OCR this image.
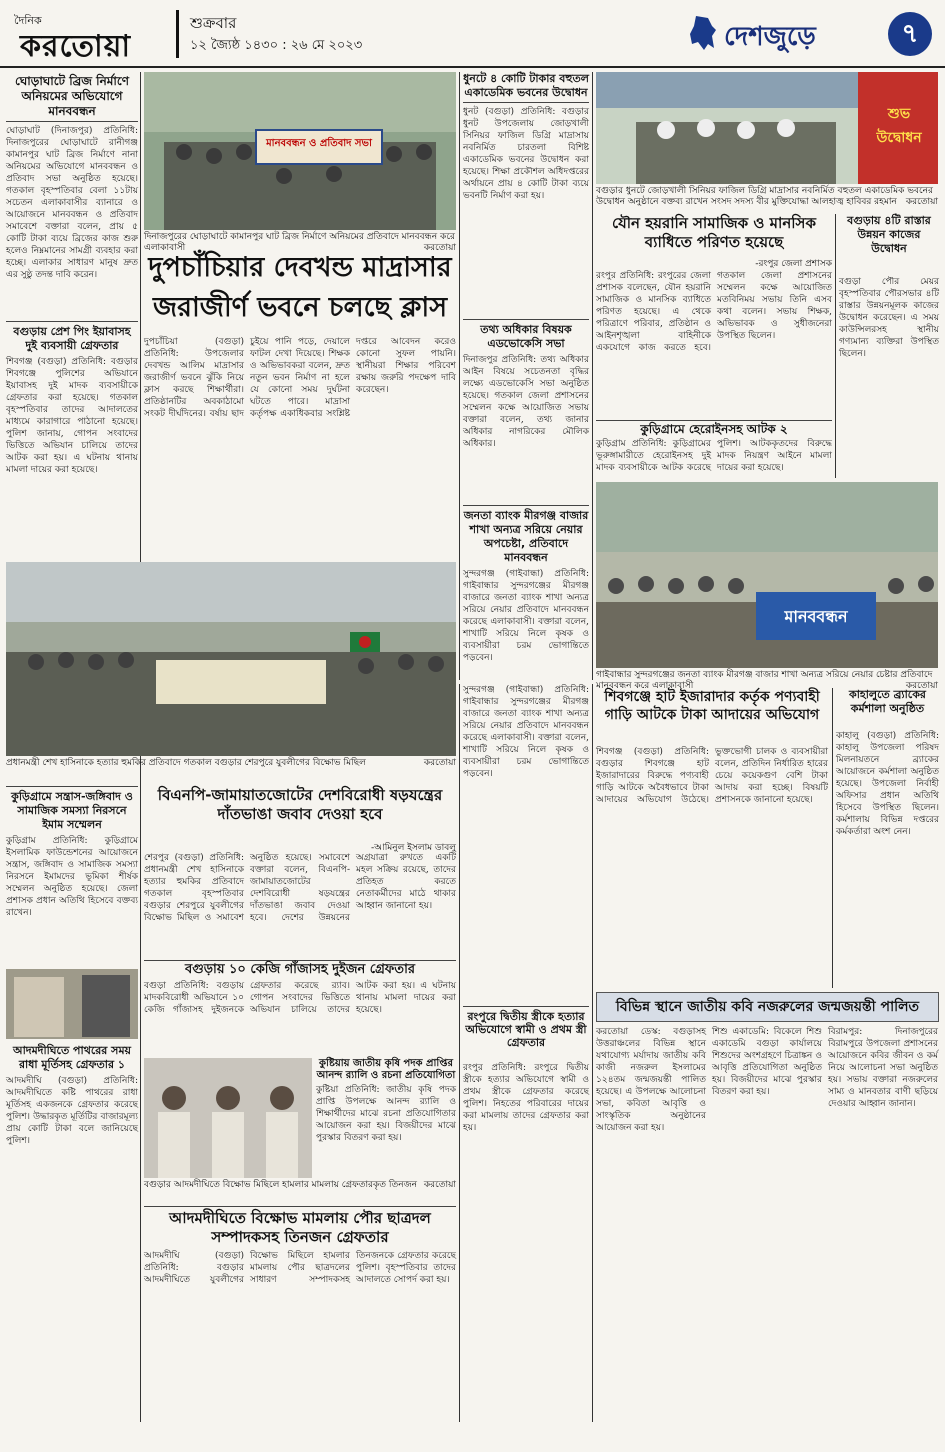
দৈনিক
করতোয়া
শুক্রবার
১২ জ্যৈষ্ঠ ১৪৩০ : ২৬ মে ২০২৩	দেশজুড়ে	৭
ঘোড়াঘাটে ব্রিজ নির্মাণে অনিয়মের অভিযোগে মানববন্ধন
ঘোড়াঘাট (দিনাজপুর) প্রতিনিধি: দিনাজপুরের ঘোড়াঘাটে রানীগঞ্জ কামানপুর ঘাট ব্রিজ নির্মাণে নানা অনিয়মের অভিযোগে মানববন্ধন ও প্রতিবাদ সভা অনুষ্ঠিত হয়েছে। গতকাল বৃহস্পতিবার বেলা ১১টায় সচেতন এলাকাবাসীর ব্যানারে ও আয়োজনে মানববন্ধন ও প্রতিবাদ সমাবেশে বক্তারা বলেন, প্রায় ৫ কোটি টাকা ব্যয়ে ব্রিজের কাজ শুরু হলেও নিম্নমানের সামগ্রী ব্যবহার করা হচ্ছে। এলাকার সাধারণ মানুষ দ্রুত এর সুষ্ঠু তদন্ত দাবি করেন।
বগুড়ায় প্রেশ পিং ইয়াবাসহ দুই ব্যবসায়ী গ্রেফতার
শিবগঞ্জ (বগুড়া) প্রতিনিধি: বগুড়ার শিবগঞ্জে পুলিশের অভিযানে ইয়াবাসহ দুই মাদক ব্যবসায়ীকে গ্রেফতার করা হয়েছে। গতকাল বৃহস্পতিবার তাদের আদালতের মাধ্যমে কারাগারে পাঠানো হয়েছে। পুলিশ জানায়, গোপন সংবাদের ভিত্তিতে অভিযান চালিয়ে তাদের আটক করা হয়। এ ঘটনায় থানায় মামলা দায়ের করা হয়েছে।
মানববন্ধন ও প্রতিবাদ সভা
দিনাজপুরের ঘোড়াঘাটে কামানপুর ঘাট ব্রিজ নির্মাণে অনিয়মের প্রতিবাদে মানববন্ধন করে এলাকাবাসী	করতোয়া
দুপচাঁচিয়ার দেবখন্ড মাদ্রাসার জরাজীর্ণ ভবনে চলছে ক্লাস
দুপচাঁচিয়া (বগুড়া) প্রতিনিধি: উপজেলার দেবখন্ড আলিম মাদ্রাসার জরাজীর্ণ ভবনে ঝুঁকি নিয়ে ক্লাস করছে শিক্ষার্থীরা। প্রতিষ্ঠানটির অবকাঠামো সংকট দীর্ঘদিনের। বর্ষায় ছাদ চুইয়ে পানি পড়ে, দেয়ালে ফাটল দেখা দিয়েছে। শিক্ষক ও অভিভাবকরা বলেন, দ্রুত নতুন ভবন নির্মাণ না হলে যে কোনো সময় দুর্ঘটনা ঘটতে পারে। মাদ্রাসা কর্তৃপক্ষ একাধিকবার সংশ্লিষ্ট দপ্তরে আবেদন করেও কোনো সুফল পায়নি। স্থানীয়রা শিক্ষার পরিবেশ রক্ষায় জরুরি পদক্ষেপ দাবি করেছেন।
ধুনটে ৪ কোটি টাকার বহুতল একাডেমিক ভবনের উদ্বোধন
ধুনট (বগুড়া) প্রতিনিধি: বগুড়ার ধুনট উপজেলায় জোড়খালী সিনিয়র ফাজিল ডিগ্রি মাদ্রাসায় নবনির্মিত চারতলা বিশিষ্ট একাডেমিক ভবনের উদ্বোধন করা হয়েছে। শিক্ষা প্রকৌশল অধিদপ্তরের অর্থায়নে প্রায় ৪ কোটি টাকা ব্যয়ে ভবনটি নির্মাণ করা হয়।
তথ্য অধিকার বিষয়ক এডভোকেসি সভা
দিনাজপুর প্রতিনিধি: তথ্য অধিকার আইন বিষয়ে সচেতনতা বৃদ্ধির লক্ষ্যে এডভোকেসি সভা অনুষ্ঠিত হয়েছে। গতকাল জেলা প্রশাসনের সম্মেলন কক্ষে আয়োজিত সভায় বক্তারা বলেন, তথ্য জানার অধিকার নাগরিকের মৌলিক অধিকার।
জনতা ব্যাংক মীরগঞ্জ বাজার শাখা অন্যত্র সরিয়ে নেয়ার অপচেষ্টা, প্রতিবাদে মানববন্ধন
সুন্দরগঞ্জ (গাইবান্ধা) প্রতিনিধি: গাইবান্ধার সুন্দরগঞ্জের মীরগঞ্জ বাজারে জনতা ব্যাংক শাখা অন্যত্র সরিয়ে নেয়ার প্রতিবাদে মানববন্ধন করেছে এলাকাবাসী। বক্তারা বলেন, শাখাটি সরিয়ে নিলে কৃষক ও ব্যবসায়ীরা চরম ভোগান্তিতে পড়বেন।
শুভ উদ্বোধন
বগুড়ার ধুনটে জোড়খালী সিনিয়র ফাজিল ডিগ্রি মাদ্রাসার নবনির্মিত বহুতল একাডেমিক ভবনের উদ্বোধন অনুষ্ঠানে বক্তব্য রাখেন সংসদ সদস্য বীর মুক্তিযোদ্ধা আলহাজ্ব হাবিবর রহমান করতোয়া
যৌন হয়রানি সামাজিক ও মানসিক ব্যাধিতে পরিণত হয়েছে
-রংপুর জেলা প্রশাসক
রংপুর প্রতিনিধি: রংপুরের জেলা প্রশাসক বলেছেন, যৌন হয়রানি সামাজিক ও মানসিক ব্যাধিতে পরিণত হয়েছে। এ থেকে পরিত্রাণে পরিবার, প্রতিষ্ঠান ও আইনশৃঙ্খলা বাহিনীকে একযোগে কাজ করতে হবে। গতকাল জেলা প্রশাসনের সম্মেলন কক্ষে আয়োজিত মতবিনিময় সভায় তিনি এসব কথা বলেন। সভায় শিক্ষক, অভিভাবক ও সুধীজনেরা উপস্থিত ছিলেন।
বগুড়ায় ৪টি রাস্তার উন্নয়ন কাজের উদ্বোধন
বগুড়া পৌর মেয়র বৃহস্পতিবার পৌরসভার ৪টি রাস্তার উন্নয়নমূলক কাজের উদ্বোধন করেছেন। এ সময় কাউন্সিলরসহ স্থানীয় গণ্যমান্য ব্যক্তিরা উপস্থিত ছিলেন।
কুড়িগ্রামে হেরোইনসহ আটক ২
কুড়িগ্রাম প্রতিনিধি: কুড়িগ্রামের ভূরুঙ্গামারীতে হেরোইনসহ দুই মাদক ব্যবসায়ীকে আটক করেছে পুলিশ। আটককৃতদের বিরুদ্ধে মাদক নিয়ন্ত্রণ আইনে মামলা দায়ের করা হয়েছে।
মানববন্ধন
গাইবান্ধার সুন্দরগঞ্জের জনতা ব্যাংক মীরগঞ্জ বাজার শাখা অন্যত্র সরিয়ে নেয়ার চেষ্টার প্রতিবাদে মানববন্ধন করে এলাকাবাসী	করতোয়া
প্রধানমন্ত্রী শেখ হাসিনাকে হত্যার হুমকির প্রতিবাদে গতকাল বগুড়ার শেরপুরে যুবলীগের বিক্ষোভ মিছিল	করতোয়া
কুড়িগ্রামে সন্ত্রাস-জঙ্গিবাদ ও সামাজিক সমস্যা নিরসনে ইমাম সম্মেলন
কুড়িগ্রাম প্রতিনিধি: কুড়িগ্রামে ইসলামিক ফাউন্ডেশনের আয়োজনে সন্ত্রাস, জঙ্গিবাদ ও সামাজিক সমস্যা নিরসনে ইমামদের ভূমিকা শীর্ষক সম্মেলন অনুষ্ঠিত হয়েছে। জেলা প্রশাসক প্রধান অতিথি হিসেবে বক্তব্য রাখেন।
আদমদীঘিতে পাথরের সময় রাধা মূর্তিসহ গ্রেফতার ১
আদমদীঘি (বগুড়া) প্রতিনিধি: আদমদীঘিতে কষ্টি পাথরের রাধা মূর্তিসহ একজনকে গ্রেফতার করেছে পুলিশ। উদ্ধারকৃত মূর্তিটির বাজারমূল্য প্রায় কোটি টাকা বলে জানিয়েছে পুলিশ।
বিএনপি-জামায়াতজোটের দেশবিরোধী ষড়যন্ত্রের দাঁতভাঙা জবাব দেওয়া হবে
-আমিনুল ইসলাম ডাবলু
শেরপুর (বগুড়া) প্রতিনিধি: প্রধানমন্ত্রী শেখ হাসিনাকে হত্যার হুমকির প্রতিবাদে গতকাল বৃহস্পতিবার বগুড়ার শেরপুরে যুবলীগের বিক্ষোভ মিছিল ও সমাবেশ অনুষ্ঠিত হয়েছে। সমাবেশে বক্তারা বলেন, বিএনপি-জামায়াতজোটের দেশবিরোধী ষড়যন্ত্রের দাঁতভাঙা জবাব দেওয়া হবে। দেশের উন্নয়নের অগ্রযাত্রা রুখতে একটি মহল সক্রিয় রয়েছে, তাদের প্রতিহত করতে নেতাকর্মীদের মাঠে থাকার আহ্বান জানানো হয়।
বগুড়ায় ১০ কেজি গাঁজাসহ দুইজন গ্রেফতার
বগুড়া প্রতিনিধি: বগুড়ায় মাদকবিরোধী অভিযানে ১০ কেজি গাঁজাসহ দুইজনকে গ্রেফতার করেছে র‌্যাব। গোপন সংবাদের ভিত্তিতে অভিযান চালিয়ে তাদের আটক করা হয়। এ ঘটনায় থানায় মামলা দায়ের করা হয়েছে।
বগুড়ার আদমদীঘিতে বিক্ষোভ মিছিলে হামলার মামলায় গ্রেফতারকৃত তিনজন করতোয়া
কুষ্টিয়ায় জাতীয় কৃষি পদক প্রাপ্তির আনন্দ র‍্যালি ও রচনা প্রতিযোগিতা
কুষ্টিয়া প্রতিনিধি: জাতীয় কৃষি পদক প্রাপ্তি উপলক্ষে আনন্দ র‍্যালি ও শিক্ষার্থীদের মাঝে রচনা প্রতিযোগিতার আয়োজন করা হয়। বিজয়ীদের মাঝে পুরস্কার বিতরণ করা হয়।
সুন্দরগঞ্জ (গাইবান্ধা) প্রতিনিধি: গাইবান্ধার সুন্দরগঞ্জের মীরগঞ্জ বাজারে জনতা ব্যাংক শাখা অন্যত্র সরিয়ে নেয়ার প্রতিবাদে মানববন্ধন করেছে এলাকাবাসী। বক্তারা বলেন, শাখাটি সরিয়ে নিলে কৃষক ও ব্যবসায়ীরা চরম ভোগান্তিতে পড়বেন।
রংপুরে দ্বিতীয় স্ত্রীকে হত্যার অভিযোগে স্বামী ও প্রথম স্ত্রী গ্রেফতার
রংপুর প্রতিনিধি: রংপুরে দ্বিতীয় স্ত্রীকে হত্যার অভিযোগে স্বামী ও প্রথম স্ত্রীকে গ্রেফতার করেছে পুলিশ। নিহতের পরিবারের দায়ের করা মামলায় তাদের গ্রেফতার করা হয়।
আদমদীঘিতে বিক্ষোভ মামলায় পৌর ছাত্রদল সম্পাদকসহ তিনজন গ্রেফতার
আদমদীঘি (বগুড়া) প্রতিনিধি: বগুড়ার আদমদীঘিতে যুবলীগের বিক্ষোভ মিছিলে হামলার মামলায় পৌর ছাত্রদলের সাধারণ সম্পাদকসহ তিনজনকে গ্রেফতার করেছে পুলিশ। বৃহস্পতিবার তাদের আদালতে সোপর্দ করা হয়।
শিবগঞ্জে হাট ইজারাদার কর্তৃক পণ্যবাহী গাড়ি আটকে টাকা আদায়ের অভিযোগ
শিবগঞ্জ (বগুড়া) প্রতিনিধি: বগুড়ার শিবগঞ্জে হাট ইজারাদারের বিরুদ্ধে পণ্যবাহী গাড়ি আটকে অবৈধভাবে টাকা আদায়ের অভিযোগ উঠেছে। ভুক্তভোগী চালক ও ব্যবসায়ীরা বলেন, প্রতিদিন নির্ধারিত হারের চেয়ে কয়েকগুণ বেশি টাকা আদায় করা হচ্ছে। বিষয়টি প্রশাসনকে জানানো হয়েছে।
কাহালুতে ব্র্যাকের কর্মশালা অনুষ্ঠিত
কাহালু (বগুড়া) প্রতিনিধি: কাহালু উপজেলা পরিষদ মিলনায়তনে ব্র্যাকের আয়োজনে কর্মশালা অনুষ্ঠিত হয়েছে। উপজেলা নির্বাহী অফিসার প্রধান অতিথি হিসেবে উপস্থিত ছিলেন। কর্মশালায় বিভিন্ন দপ্তরের কর্মকর্তারা অংশ নেন।
বিভিন্ন স্থানে জাতীয় কবি নজরুলের জন্মজয়ন্তী পালিত
করতোয়া ডেস্ক: বগুড়াসহ উত্তরাঞ্চলের বিভিন্ন স্থানে যথাযোগ্য মর্যাদায় জাতীয় কবি কাজী নজরুল ইসলামের ১২৪তম জন্মজয়ন্তী পালিত হয়েছে। এ উপলক্ষে আলোচনা সভা, কবিতা আবৃত্তি ও সাংস্কৃতিক অনুষ্ঠানের আয়োজন করা হয়।
শিশু একাডেমি: বিকেলে শিশু একাডেমি বগুড়া কার্যালয়ে শিশুদের অংশগ্রহণে চিত্রাঙ্কন ও আবৃত্তি প্রতিযোগিতা অনুষ্ঠিত হয়। বিজয়ীদের মাঝে পুরস্কার বিতরণ করা হয়।
বিরামপুর: দিনাজপুরের বিরামপুরে উপজেলা প্রশাসনের আয়োজনে কবির জীবন ও কর্ম নিয়ে আলোচনা সভা অনুষ্ঠিত হয়। সভায় বক্তারা নজরুলের সাম্য ও মানবতার বাণী ছড়িয়ে দেওয়ার আহ্বান জানান।
